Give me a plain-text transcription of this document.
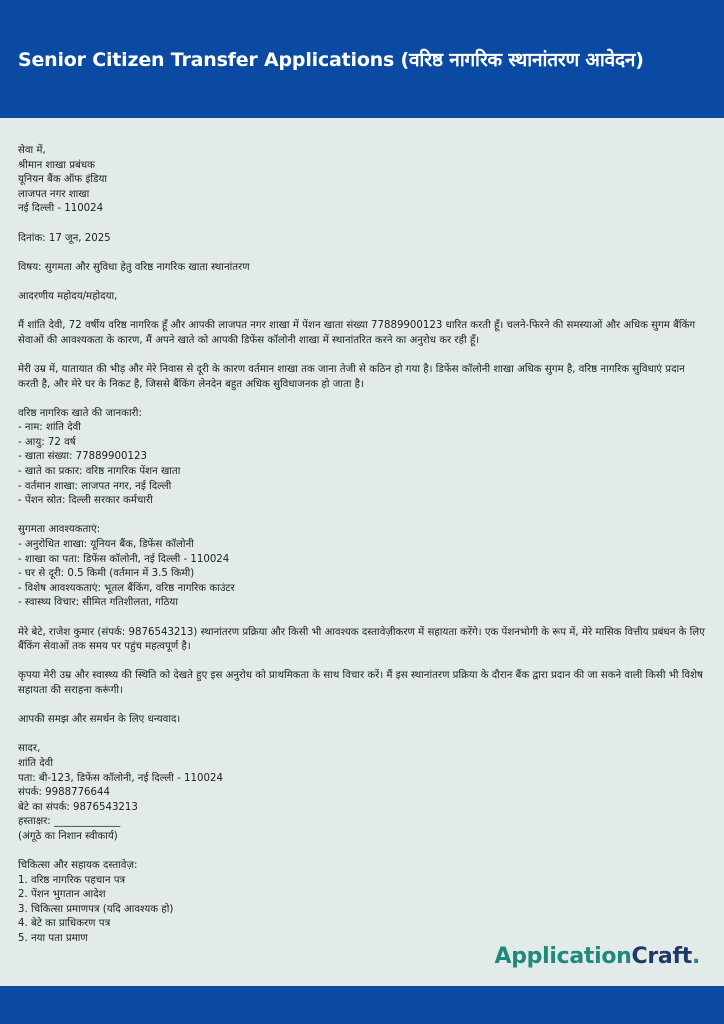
Senior Citizen Transfer Applications (वरिष्ठ नागरिक स्थानांतरण आवेदन)
सेवा में,
श्रीमान शाखा प्रबंधक
यूनियन बैंक ऑफ इंडिया
लाजपत नगर शाखा
नई दिल्ली - 110024
दिनांक: 17 जून, 2025
विषय: सुगमता और सुविधा हेतु वरिष्ठ नागरिक खाता स्थानांतरण
आदरणीय महोदय/महोदया,
मैं शांति देवी, 72 वर्षीय वरिष्ठ नागरिक हूँ और आपकी लाजपत नगर शाखा में पेंशन खाता संख्या 77889900123 धारित करती हूँ। चलने-फिरने की समस्याओं और अधिक सुगम बैंकिंग सेवाओं की आवश्यकता के कारण, मैं अपने खाते को आपकी डिफेंस कॉलोनी शाखा में स्थानांतरित करने का अनुरोध कर रही हूँ।
मेरी उम्र में, यातायात की भीड़ और मेरे निवास से दूरी के कारण वर्तमान शाखा तक जाना तेजी से कठिन हो गया है। डिफेंस कॉलोनी शाखा अधिक सुगम है, वरिष्ठ नागरिक सुविधाएं प्रदान करती है, और मेरे घर के निकट है, जिससे बैंकिंग लेनदेन बहुत अधिक सुविधाजनक हो जाता है।
वरिष्ठ नागरिक खाते की जानकारी:
- नाम: शांति देवी
- आयु: 72 वर्ष
- खाता संख्या: 77889900123
- खाते का प्रकार: वरिष्ठ नागरिक पेंशन खाता
- वर्तमान शाखा: लाजपत नगर, नई दिल्ली
- पेंशन स्रोत: दिल्ली सरकार कर्मचारी
सुगमता आवश्यकताएं:
- अनुरोधित शाखा: यूनियन बैंक, डिफेंस कॉलोनी
- शाखा का पता: डिफेंस कॉलोनी, नई दिल्ली - 110024
- घर से दूरी: 0.5 किमी (वर्तमान में 3.5 किमी)
- विशेष आवश्यकताएं: भूतल बैंकिंग, वरिष्ठ नागरिक काउंटर
- स्वास्थ्य विचार: सीमित गतिशीलता, गठिया
मेरे बेटे, राजेश कुमार (संपर्क: 9876543213) स्थानांतरण प्रक्रिया और किसी भी आवश्यक दस्तावेज़ीकरण में सहायता करेंगे। एक पेंशनभोगी के रूप में, मेरे मासिक वित्तीय प्रबंधन के लिए बैंकिंग सेवाओं तक समय पर पहुंच महत्वपूर्ण है।
कृपया मेरी उम्र और स्वास्थ्य की स्थिति को देखते हुए इस अनुरोध को प्राथमिकता के साथ विचार करें। मैं इस स्थानांतरण प्रक्रिया के दौरान बैंक द्वारा प्रदान की जा सकने वाली किसी भी विशेष सहायता की सराहना करूंगी।
आपकी समझ और समर्थन के लिए धन्यवाद।
सादर,
शांति देवी
पता: बी-123, डिफेंस कॉलोनी, नई दिल्ली - 110024
संपर्क: 9988776644
बेटे का संपर्क: 9876543213
हस्ताक्षर: _____________
(अंगूठे का निशान स्वीकार्य)
चिकित्सा और सहायक दस्तावेज़:
1. वरिष्ठ नागरिक पहचान पत्र
2. पेंशन भुगतान आदेश
3. चिकित्सा प्रमाणपत्र (यदि आवश्यक हो)
4. बेटे का प्राधिकरण पत्र
5. नया पता प्रमाण
ApplicationCraft.
